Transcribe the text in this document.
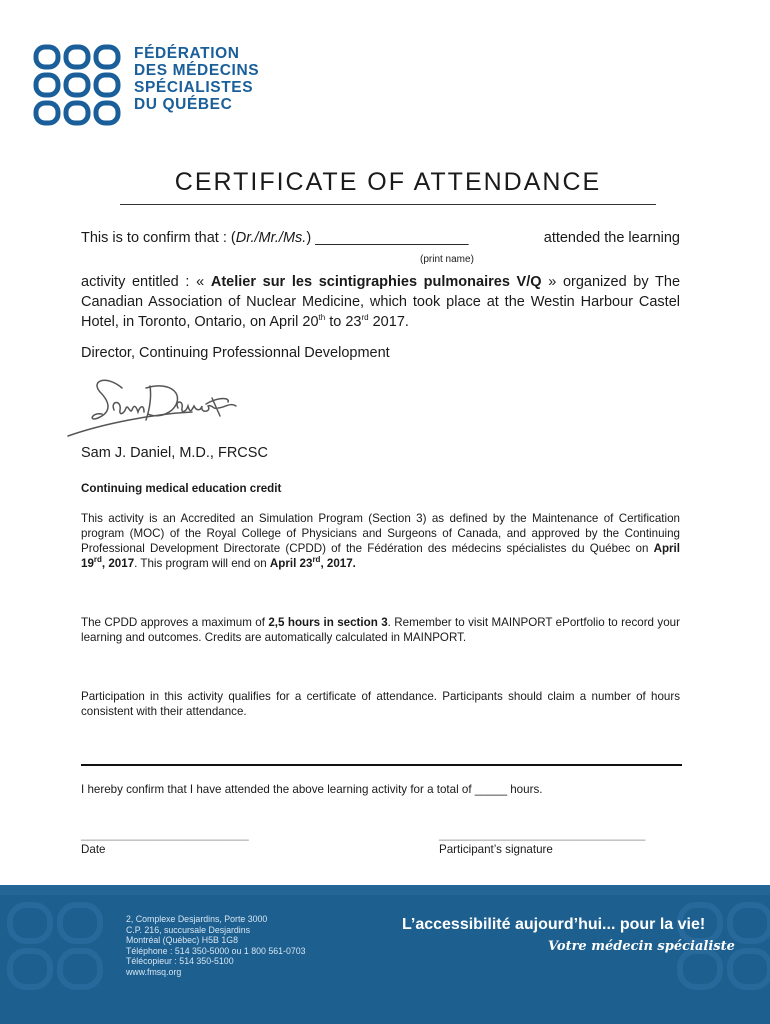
FÉDÉRATION
DES MÉDECINS
SPÉCIALISTES
DU QUÉBEC
CERTIFICATE OF ATTENDANCE
This is to confirm that : (Dr./Mr./Ms.) ___________________	attended the learning
(print name)
activity entitled : « Atelier sur les scintigraphies pulmonaires V/Q » organized by The Canadian Association of Nuclear Medicine, which took place at the Westin Harbour Castel Hotel, in Toronto, Ontario, on April 20th to 23rd 2017.
Director, Continuing Professionnal Development
Sam J. Daniel, M.D., FRCSC
Continuing medical education credit
This activity is an Accredited an Simulation Program (Section 3) as defined by the Maintenance of Certification program (MOC) of the Royal College of Physicians and Surgeons of Canada, and approved by the Continuing Professional Development Directorate (CPDD) of the Fédération des médecins spécialistes du Québec on April 19rd, 2017. This program will end on April 23rd, 2017.
The CPDD approves a maximum of 2,5 hours in section 3. Remember to visit MAINPORT ePortfolio to record your learning and outcomes. Credits are automatically calculated in MAINPORT.
Participation in this activity qualifies for a certificate of attendance. Participants should claim a number of hours consistent with their attendance.
I hereby confirm that I have attended the above learning activity for a total of _____ hours.
__________________________
Date
________________________________
Participant’s signature
2, Complexe Desjardins, Porte 3000
C.P. 216, succursale Desjardins
Montréal (Québec) H5B 1G8
Téléphone : 514 350-5000 ou 1 800 561-0703
Télécopieur : 514 350-5100
www.fmsq.org
L’accessibilité aujourd’hui... pour la vie!
Votre médecin spécialiste
